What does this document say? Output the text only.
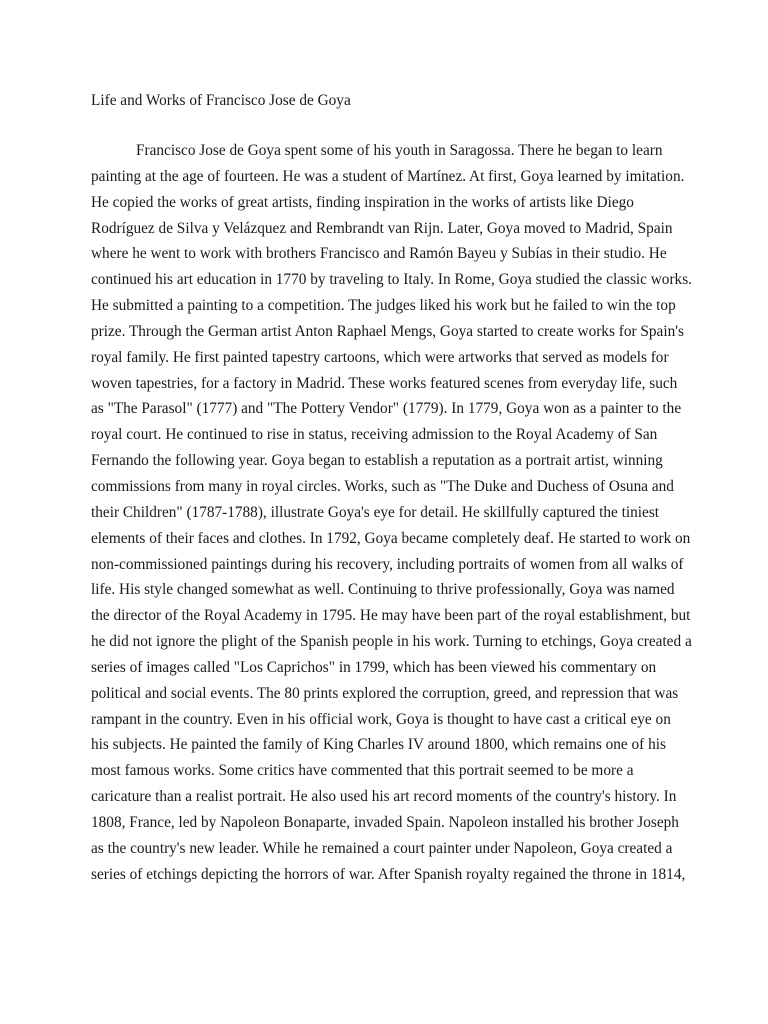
Life and Works of Francisco Jose de Goya
Francisco Jose de Goya spent some of his youth in Saragossa. There he began to learn
painting at the age of fourteen. He was a student of Martínez. At first, Goya learned by imitation.
He copied the works of great artists, finding inspiration in the works of artists like Diego
Rodríguez de Silva y Velázquez and Rembrandt van Rijn. Later, Goya moved to Madrid, Spain
where he went to work with brothers Francisco and Ramón Bayeu y Subías in their studio. He
continued his art education in 1770 by traveling to Italy. In Rome, Goya studied the classic works.
He submitted a painting to a competition. The judges liked his work but he failed to win the top
prize. Through the German artist Anton Raphael Mengs, Goya started to create works for Spain's
royal family. He first painted tapestry cartoons, which were artworks that served as models for
woven tapestries, for a factory in Madrid. These works featured scenes from everyday life, such
as "The Parasol" (1777) and "The Pottery Vendor" (1779). In 1779, Goya won as a painter to the
royal court. He continued to rise in status, receiving admission to the Royal Academy of San
Fernando the following year. Goya began to establish a reputation as a portrait artist, winning
commissions from many in royal circles. Works, such as "The Duke and Duchess of Osuna and
their Children" (1787-1788), illustrate Goya's eye for detail. He skillfully captured the tiniest
elements of their faces and clothes. In 1792, Goya became completely deaf. He started to work on
non-commissioned paintings during his recovery, including portraits of women from all walks of
life. His style changed somewhat as well. Continuing to thrive professionally, Goya was named
the director of the Royal Academy in 1795. He may have been part of the royal establishment, but
he did not ignore the plight of the Spanish people in his work. Turning to etchings, Goya created a
series of images called "Los Caprichos" in 1799, which has been viewed his commentary on
political and social events. The 80 prints explored the corruption, greed, and repression that was
rampant in the country. Even in his official work, Goya is thought to have cast a critical eye on
his subjects. He painted the family of King Charles IV around 1800, which remains one of his
most famous works. Some critics have commented that this portrait seemed to be more a
caricature than a realist portrait. He also used his art record moments of the country's history. In
1808, France, led by Napoleon Bonaparte, invaded Spain. Napoleon installed his brother Joseph
as the country's new leader. While he remained a court painter under Napoleon, Goya created a
series of etchings depicting the horrors of war. After Spanish royalty regained the throne in 1814,
